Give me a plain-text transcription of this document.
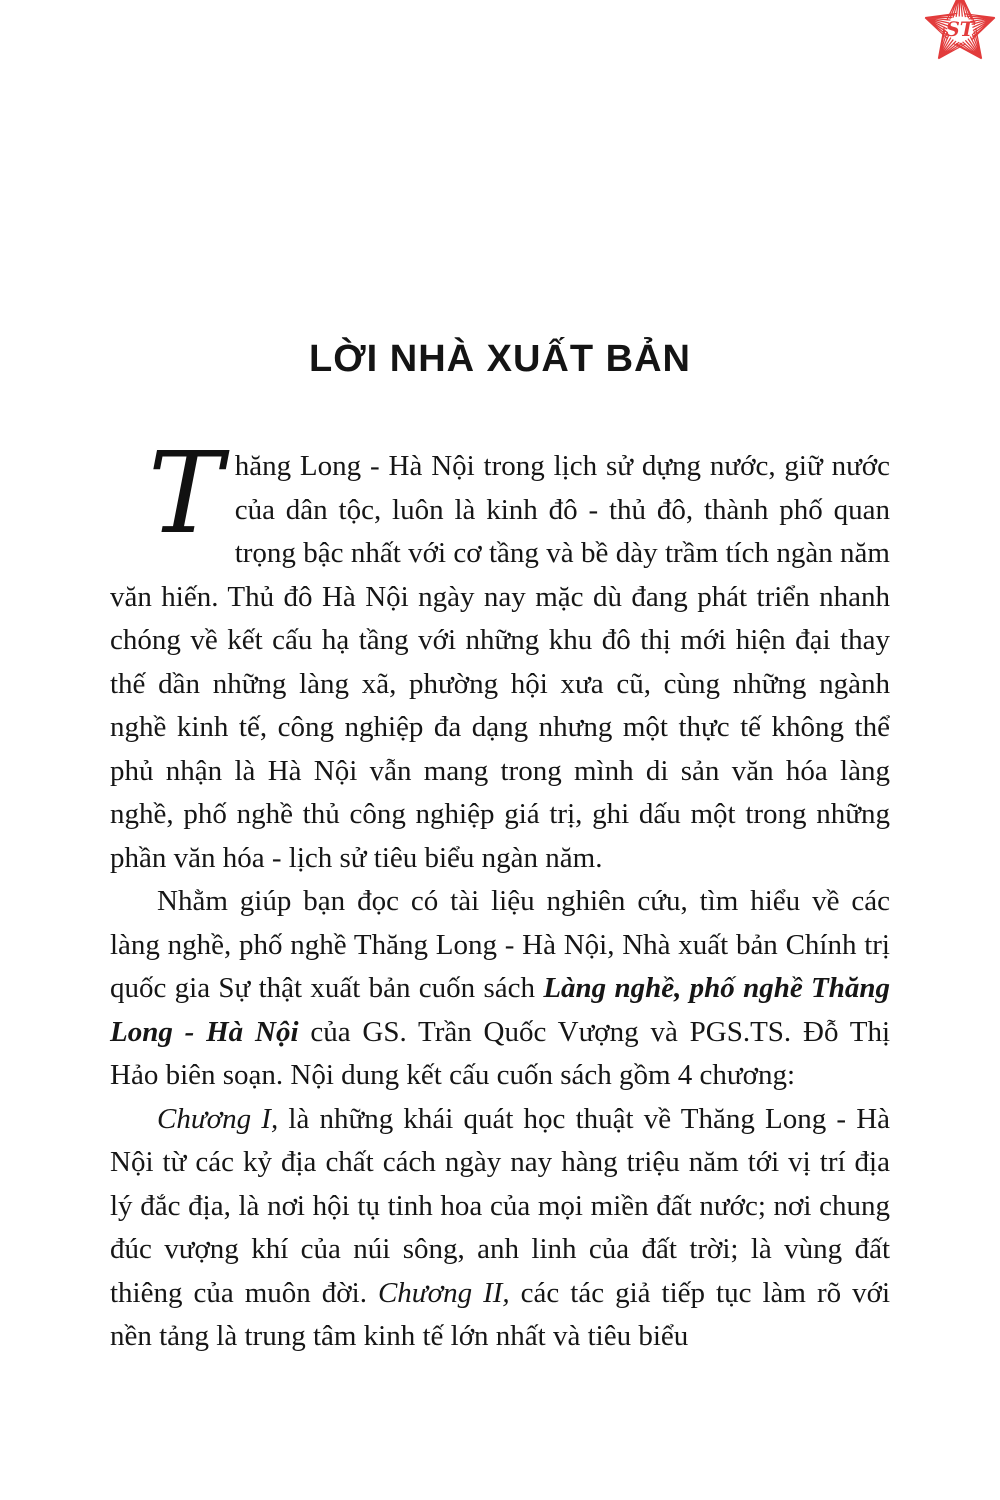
ST
LỜI NHÀ XUẤT BẢN

Thăng Long - Hà Nội trong lịch sử dựng nước, giữ nước của dân tộc, luôn là kinh đô - thủ đô, thành phố quan trọng bậc nhất với cơ tầng và bề dày trầm tích ngàn năm văn hiến. Thủ đô Hà Nội ngày nay mặc dù đang phát triển nhanh chóng về kết cấu hạ tầng với những khu đô thị mới hiện đại thay thế dần những làng xã, phường hội xưa cũ, cùng những ngành nghề kinh tế, công nghiệp đa dạng nhưng một thực tế không thể phủ nhận là Hà Nội vẫn mang trong mình di sản văn hóa làng nghề, phố nghề thủ công nghiệp giá trị, ghi dấu một trong những phần văn hóa - lịch sử tiêu biểu ngàn năm.

Nhằm giúp bạn đọc có tài liệu nghiên cứu, tìm hiểu về các làng nghề, phố nghề Thăng Long - Hà Nội, Nhà xuất bản Chính trị quốc gia Sự thật xuất bản cuốn sách Làng nghề, phố nghề Thăng Long - Hà Nội của GS. Trần Quốc Vượng và PGS.TS. Đỗ Thị Hảo biên soạn. Nội dung kết cấu cuốn sách gồm 4 chương:

Chương I, là những khái quát học thuật về Thăng Long - Hà Nội từ các kỷ địa chất cách ngày nay hàng triệu năm tới vị trí địa lý đắc địa, là nơi hội tụ tinh hoa của mọi miền đất nước; nơi chung đúc vượng khí của núi sông, anh linh của đất trời; là vùng đất thiêng của muôn đời. Chương II, các tác giả tiếp tục làm rõ với nền tảng là trung tâm kinh tế lớn nhất và tiêu biểu
